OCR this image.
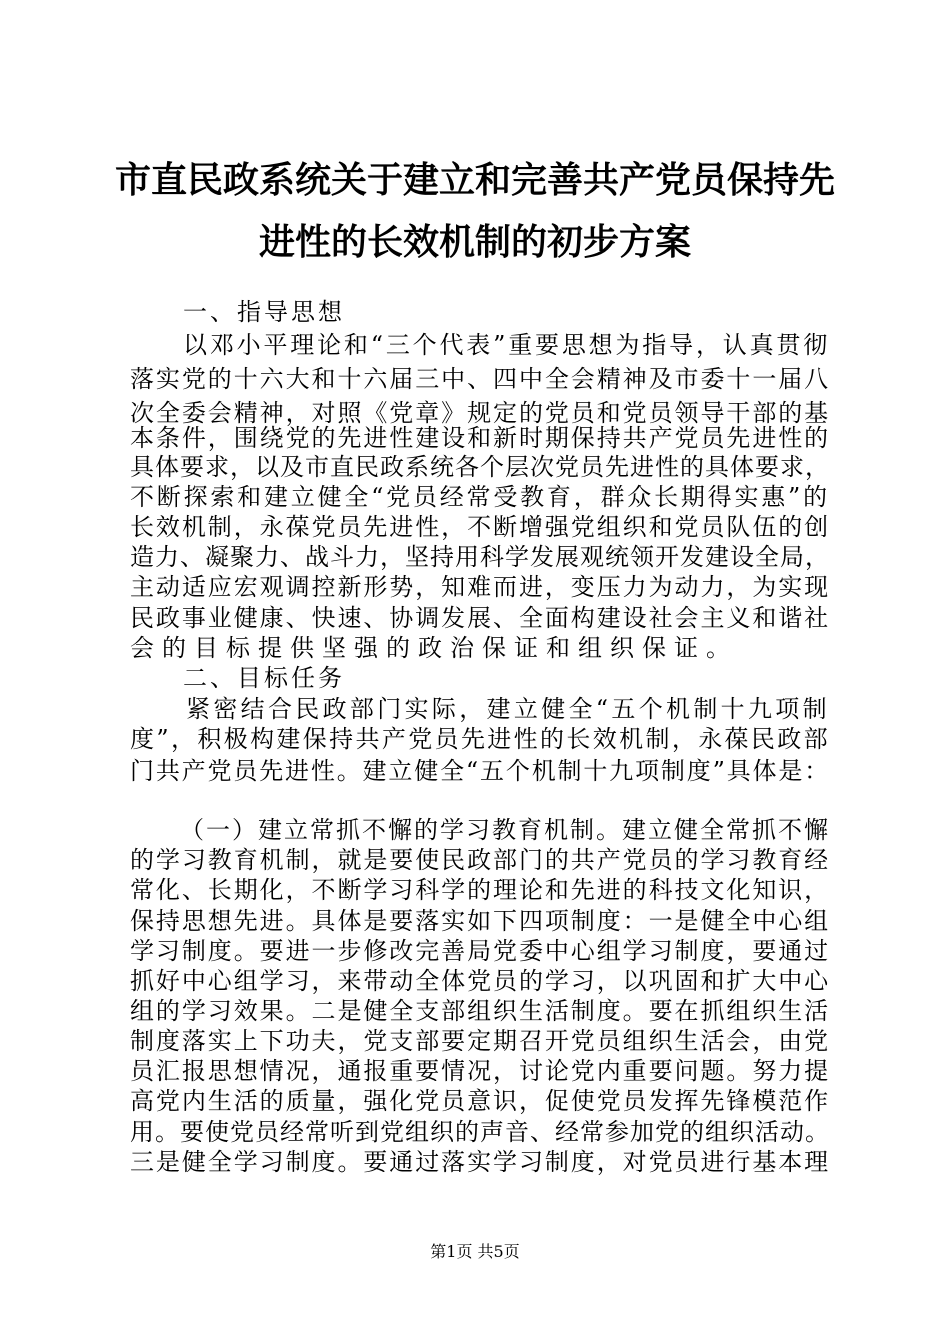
市直民政系统关于建立和完善共产党员保持先
进性的长效机制的初步方案
一、指导思想
以邓小平理论和“三个代表”重要思想为指导，认真贯彻
落实党的十六大和十六届三中、四中全会精神及市委十一届八
次全委会精神，对照《党章》规定的党员和党员领导干部的基
本条件，围绕党的先进性建设和新时期保持共产党员先进性的
具体要求，以及市直民政系统各个层次党员先进性的具体要求，
不断探索和建立健全“党员经常受教育，群众长期得实惠”的
长效机制，永葆党员先进性，不断增强党组织和党员队伍的创
造力、凝聚力、战斗力，坚持用科学发展观统领开发建设全局，
主动适应宏观调控新形势，知难而进，变压力为动力，为实现
民政事业健康、快速、协调发展、全面构建设社会主义和谐社
会的目标提供坚强的政治保证和组织保证。
二、目标任务
紧密结合民政部门实际，建立健全“五个机制十九项制
度”，积极构建保持共产党员先进性的长效机制，永葆民政部
门共产党员先进性。建立健全“五个机制十九项制度”具体是：
（一）建立常抓不懈的学习教育机制。建立健全常抓不懈
的学习教育机制，就是要使民政部门的共产党员的学习教育经
常化、长期化，不断学习科学的理论和先进的科技文化知识，
保持思想先进。具体是要落实如下四项制度：一是健全中心组
学习制度。要进一步修改完善局党委中心组学习制度，要通过
抓好中心组学习，来带动全体党员的学习，以巩固和扩大中心
组的学习效果。二是健全支部组织生活制度。要在抓组织生活
制度落实上下功夫，党支部要定期召开党员组织生活会，由党
员汇报思想情况，通报重要情况，讨论党内重要问题。努力提
高党内生活的质量，强化党员意识，促使党员发挥先锋模范作
用。要使党员经常听到党组织的声音、经常参加党的组织活动。
三是健全学习制度。要通过落实学习制度，对党员进行基本理
第1页 共5页
